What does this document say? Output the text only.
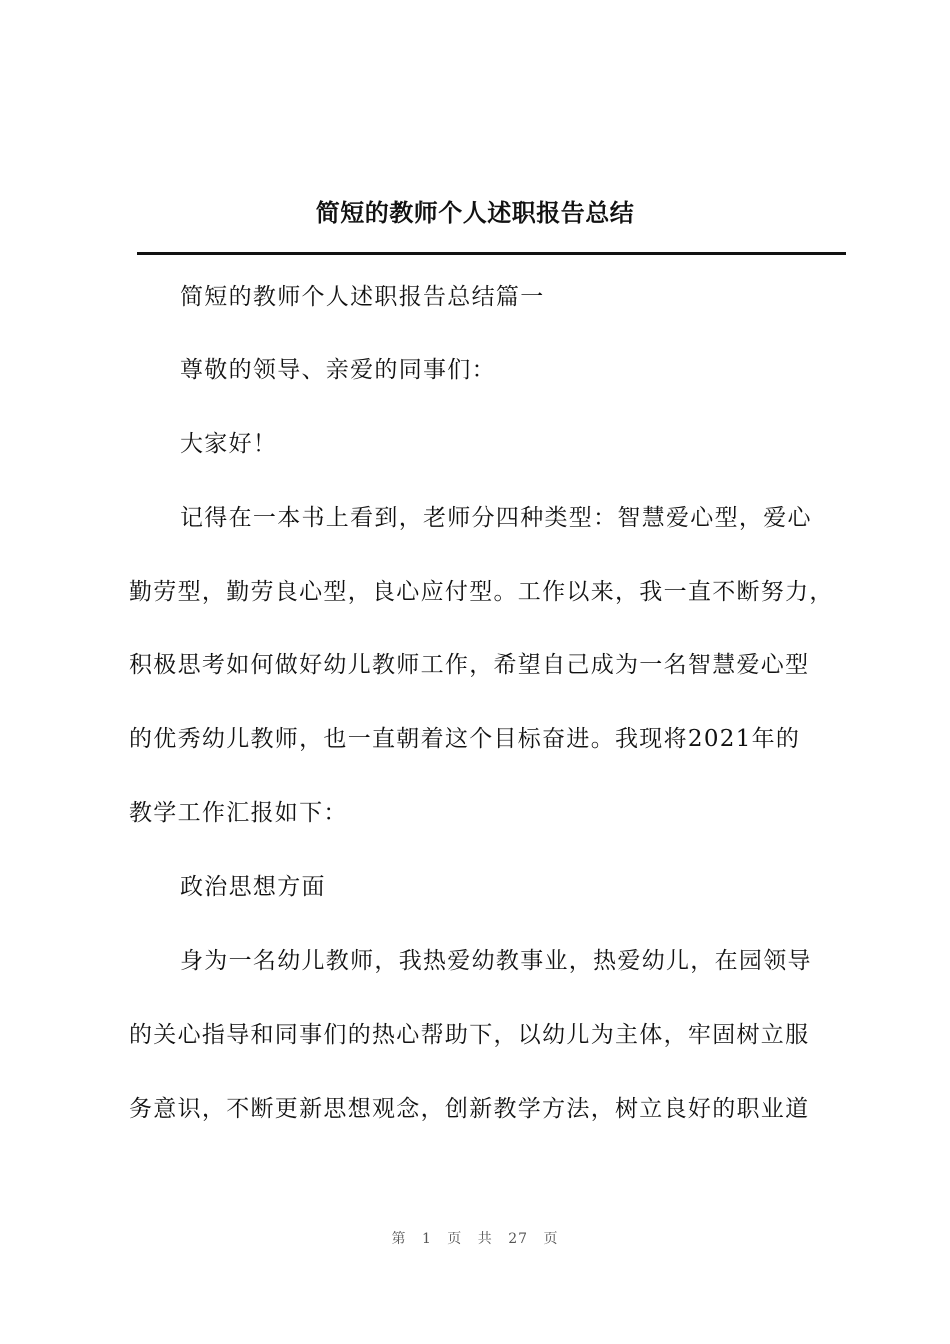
简短的教师个人述职报告总结
简短的教师个人述职报告总结篇一
尊敬的领导、亲爱的同事们：
大家好！
记得在一本书上看到，老师分四种类型：智慧爱心型，爱心
勤劳型，勤劳良心型，良心应付型。工作以来，我一直不断努力，
积极思考如何做好幼儿教师工作，希望自己成为一名智慧爱心型
的优秀幼儿教师，也一直朝着这个目标奋进。我现将2021年的
教学工作汇报如下：
政治思想方面
身为一名幼儿教师，我热爱幼教事业，热爱幼儿，在园领导
的关心指导和同事们的热心帮助下，以幼儿为主体，牢固树立服
务意识，不断更新思想观念，创新教学方法，树立良好的职业道
第 1 页 共 27 页
